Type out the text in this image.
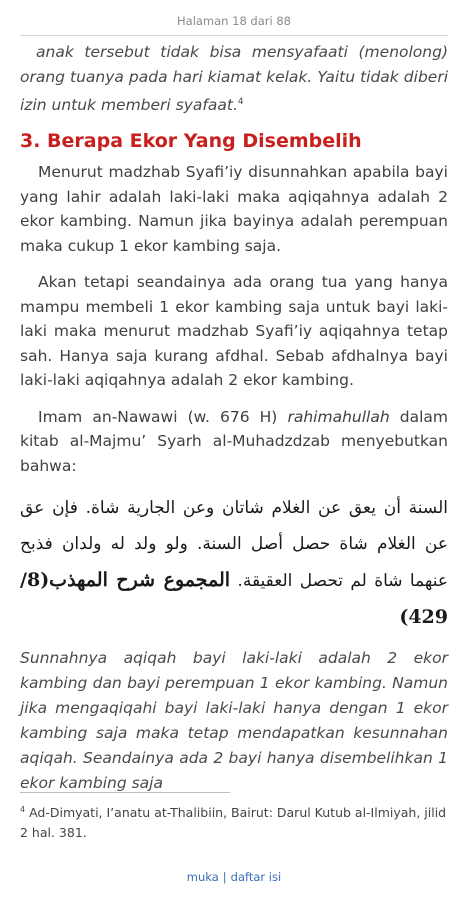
Halaman 18 dari 88

anak tersebut tidak bisa mensyafaati (menolong) orang tuanya pada hari kiamat kelak. Yaitu tidak diberi izin untuk memberi syafaat.$^4$

3. Berapa Ekor Yang Disembelih

Menurut madzhab Syafi’iy disunnahkan apabila bayi yang lahir adalah laki-laki maka aqiqahnya adalah 2 ekor kambing. Namun jika bayinya adalah perempuan maka cukup 1 ekor kambing saja.

Akan tetapi seandainya ada orang tua yang hanya mampu membeli 1 ekor kambing saja untuk bayi laki-laki maka menurut madzhab Syafi’iy aqiqahnya tetap sah. Hanya saja kurang afdhal. Sebab afdhalnya bayi laki-laki aqiqahnya adalah 2 ekor kambing.

Imam an-Nawawi (w. 676 H) rahimahullah dalam kitab al-Majmu’ Syarh al-Muhadzdzab menyebutkan bahwa:

السنة أن يعق عن الغلام شاتان وعن الجارية شاة. فإن عق عن الغلام شاة حصل أصل السنة. ولو ولد له ولدان فذبح عنهما شاة لم تحصل العقيقة. المجموع شرح المهذب(8/ 429)

Sunnahnya aqiqah bayi laki-laki adalah 2 ekor kambing dan bayi perempuan 1 ekor kambing. Namun jika mengaqiqahi bayi laki-laki hanya dengan 1 ekor kambing saja maka tetap mendapatkan kesunnahan aqiqah. Seandainya ada 2 bayi hanya disembelihkan 1 ekor kambing saja

$^4$ Ad-Dimyati, I’anatu at-Thalibiin, Bairut: Darul Kutub al-Ilmiyah, jilid 2 hal. 381.
muka | daftar isi
